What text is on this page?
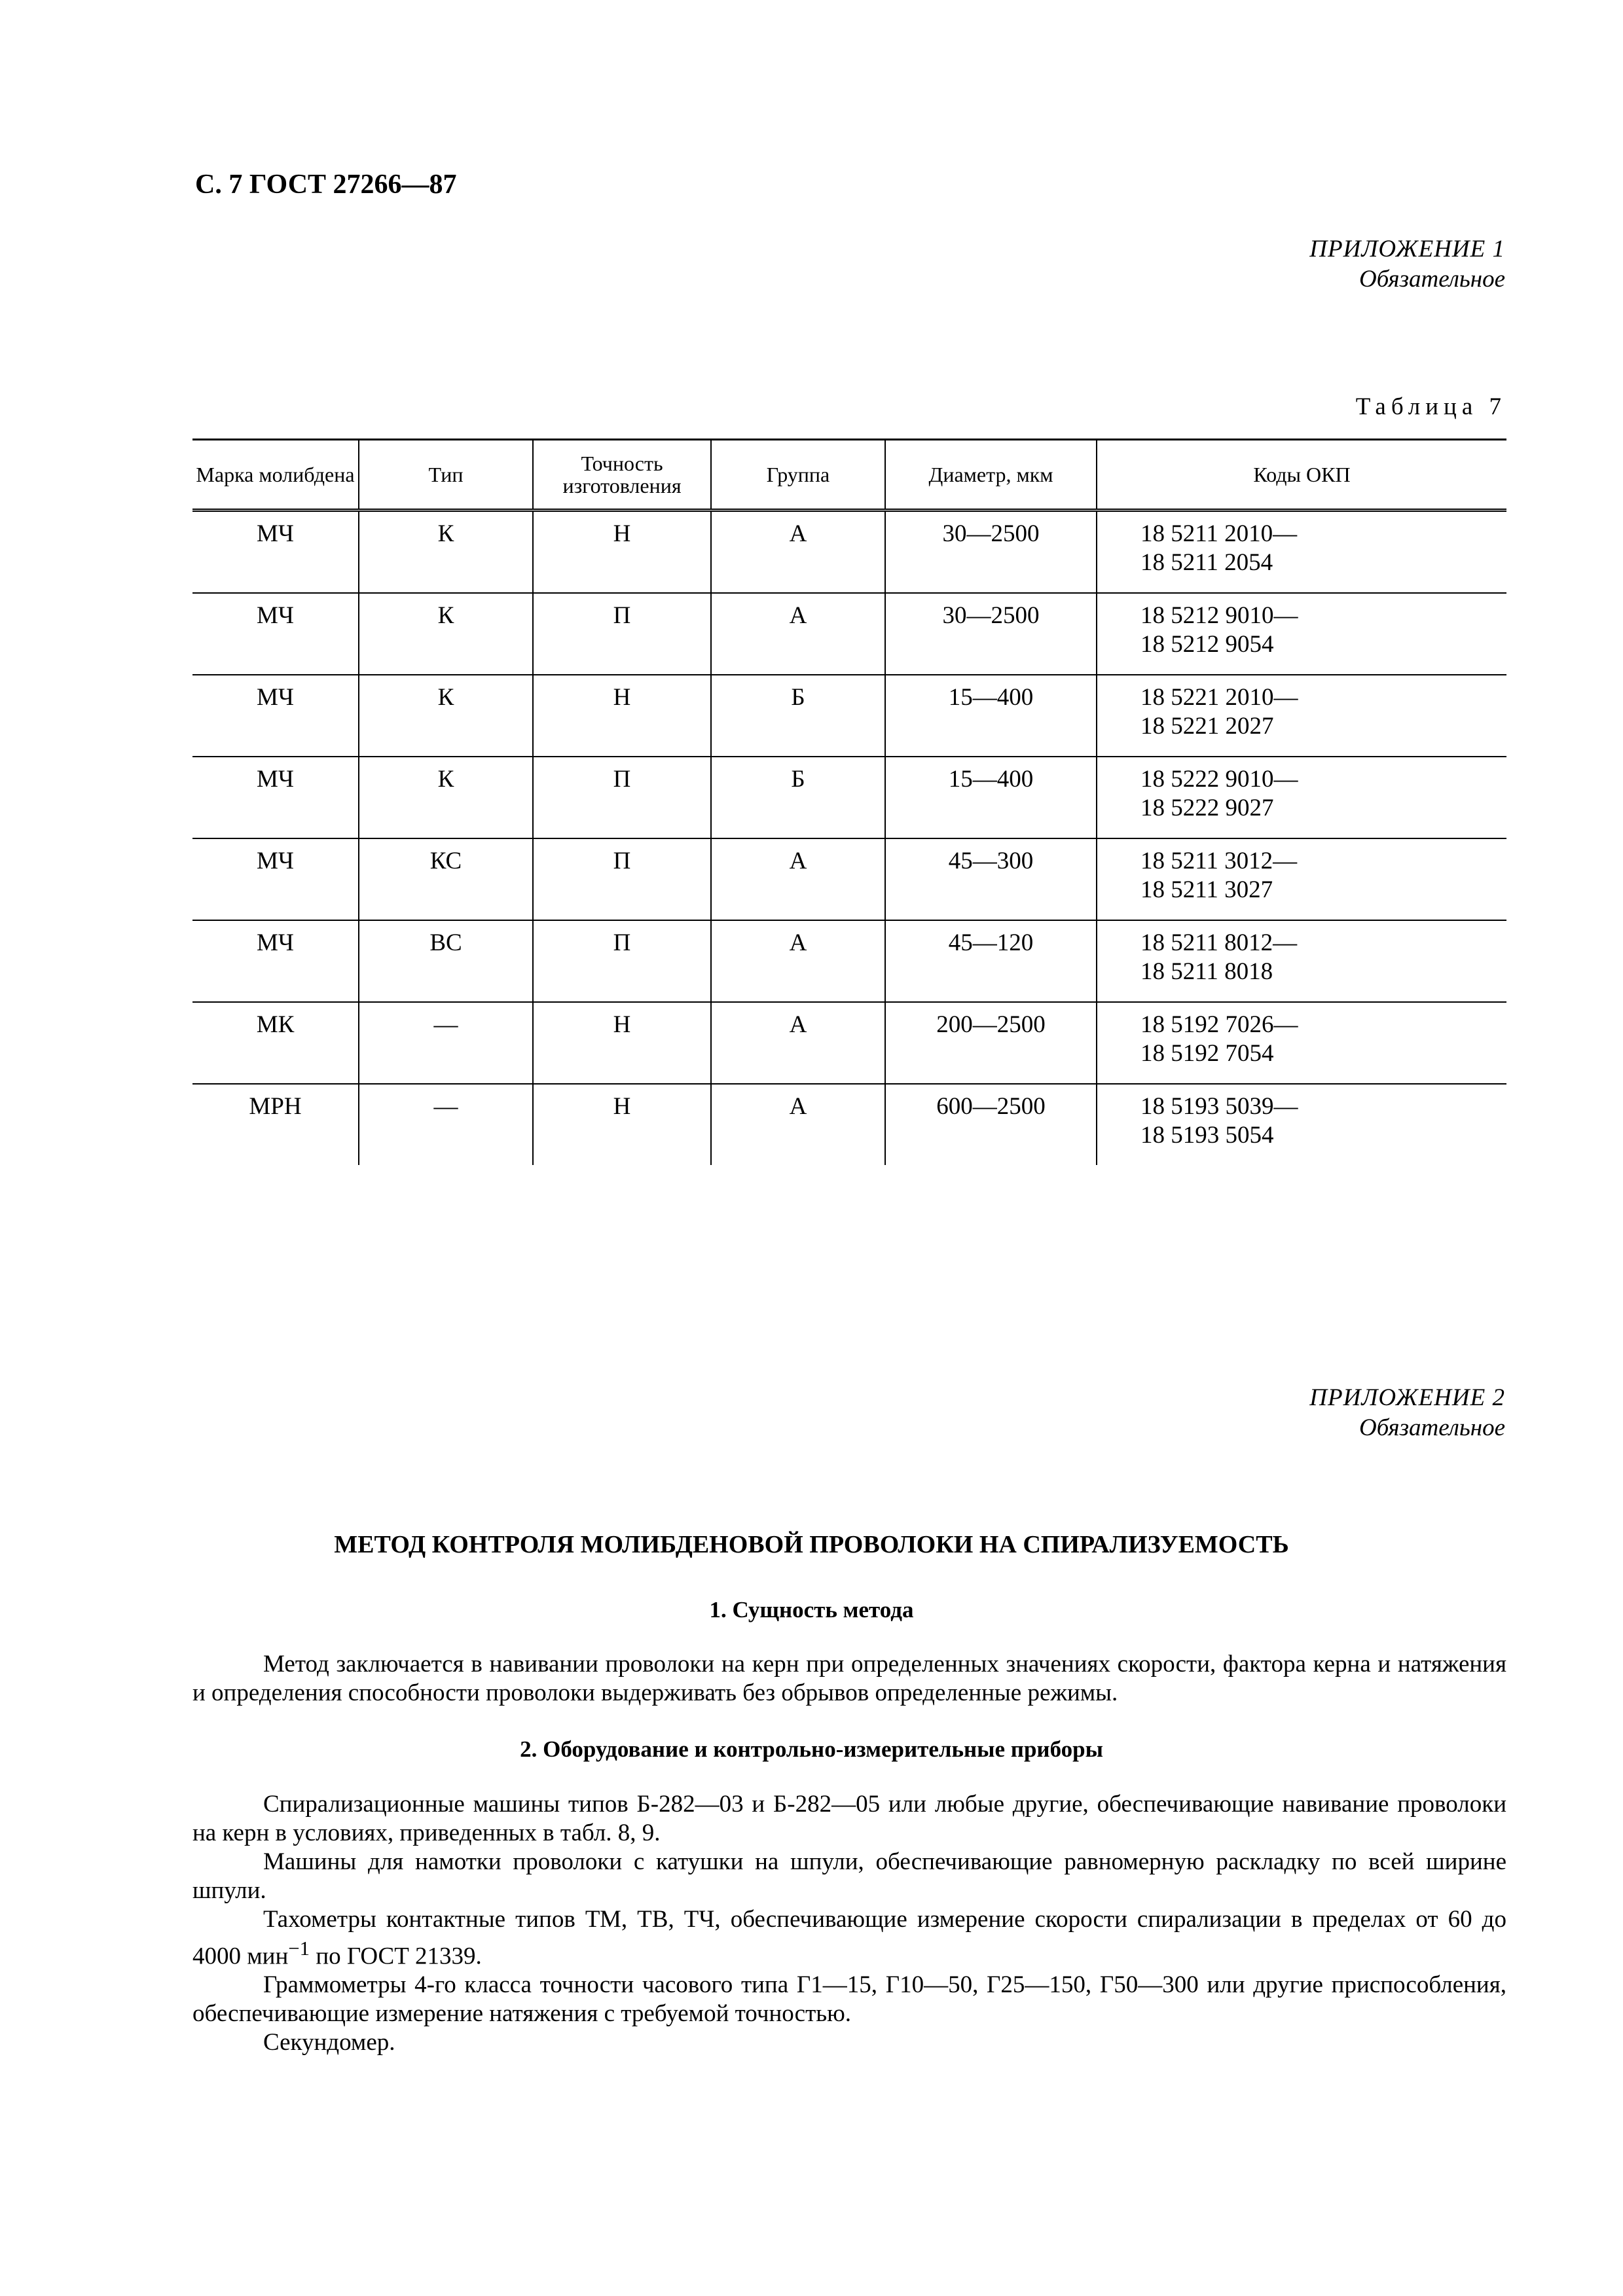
С. 7 ГОСТ 27266—87
ПРИЛОЖЕНИЕ 1
Обязательное
Таблица 7
Марка молибдена	Тип	Точность изготовления	Группа	Диаметр, мкм	Коды ОКП
МЧ	К	Н	А	30—2500	18 5211 2010—
18 5211 2054

МЧ	К	П	А	30—2500	18 5212 9010—
18 5212 9054

МЧ	К	Н	Б	15—400	18 5221 2010—
18 5221 2027

МЧ	К	П	Б	15—400	18 5222 9010—
18 5222 9027

МЧ	КС	П	А	45—300	18 5211 3012—
18 5211 3027

МЧ	ВС	П	А	45—120	18 5211 8012—
18 5211 8018

МК	—	Н	А	200—2500	18 5192 7026—
18 5192 7054

МРН	—	Н	А	600—2500	18 5193 5039—
18 5193 5054
ПРИЛОЖЕНИЕ 2
Обязательное
МЕТОД КОНТРОЛЯ МОЛИБДЕНОВОЙ ПРОВОЛОКИ НА СПИРАЛИЗУЕМОСТЬ
1. Сущность метода

Метод заключается в навивании проволоки на керн при определенных значениях скорости, фактора керна и натяжения и определения способности проволоки выдерживать без обрывов определенные режимы.

2. Оборудование и контрольно-измерительные приборы

Спирализационные машины типов Б-282—03 и Б-282—05 или любые другие, обеспечивающие навивание проволоки на керн в условиях, приведенных в табл. 8, 9.

Машины для намотки проволоки с катушки на шпули, обеспечивающие равномерную раскладку по всей ширине шпули.

Тахометры контактные типов ТМ, ТВ, ТЧ, обеспечивающие измерение скорости спирализации в пределах от 60 до 4000 мин$^{-1}$ по ГОСТ 21339.

Граммометры 4-го класса точности часового типа Г1—15, Г10—50, Г25—150, Г50—300 или другие приспособления, обеспечивающие измерение натяжения с требуемой точностью.

Секундомер.
